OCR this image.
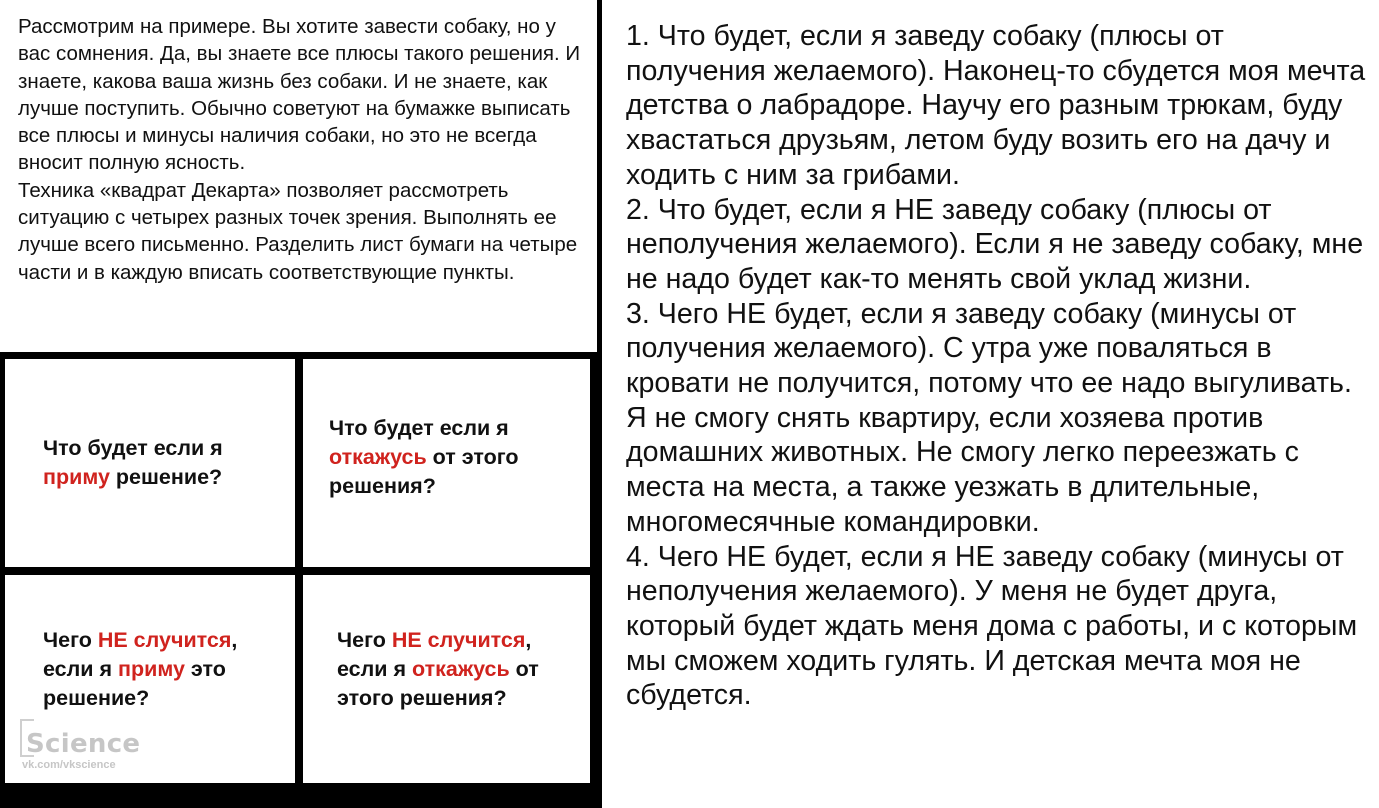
Рассмотрим на примере. Вы хотите завести собаку, но у вас сомнения. Да, вы знаете все плюсы такого решения. И знаете, какова ваша жизнь без собаки. И не знаете, как лучше поступить. Обычно советуют на бумажке выписать все плюсы и минусы наличия собаки, но это не всегда вносит полную ясность.

Техника «квадрат Декарта» позволяет рассмотреть ситуацию с четырех разных точек зрения. Выполнять ее лучше всего письменно. Разделить лист бумаги на четыре части и в каждую вписать соответствующие пункты.

Что будет если я
приму решение?
Что будет если я
откажусь от этого
решения?
Чего НЕ случится,
если я приму это
решение?
Science
vk.com/vkscience
Чего НЕ случится,
если я откажусь от
этого решения?

1. Что будет, если я заведу собаку (плюсы от получения желаемого). Наконец-то сбудется моя мечта детства о лабрадоре. Научу его разным трюкам, буду хвастаться друзьям, летом буду возить его на дачу и ходить с ним за грибами.

2. Что будет, если я НЕ заведу собаку (плюсы от неполучения желаемого). Если я не заведу собаку, мне не надо будет как-то менять свой уклад жизни.

3. Чего НЕ будет, если я заведу собаку (минусы от получения желаемого). С утра уже поваляться в кровати не получится, потому что ее надо выгуливать. Я не смогу снять квартиру, если хозяева против домашних животных. Не смогу легко переезжать с места на места, а также уезжать в длительные, многомесячные командировки.

4. Чего НЕ будет, если я НЕ заведу собаку (минусы от неполучения желаемого). У меня не будет друга, который будет ждать меня дома с работы, и с которым мы сможем ходить гулять. И детская мечта моя не сбудется.
